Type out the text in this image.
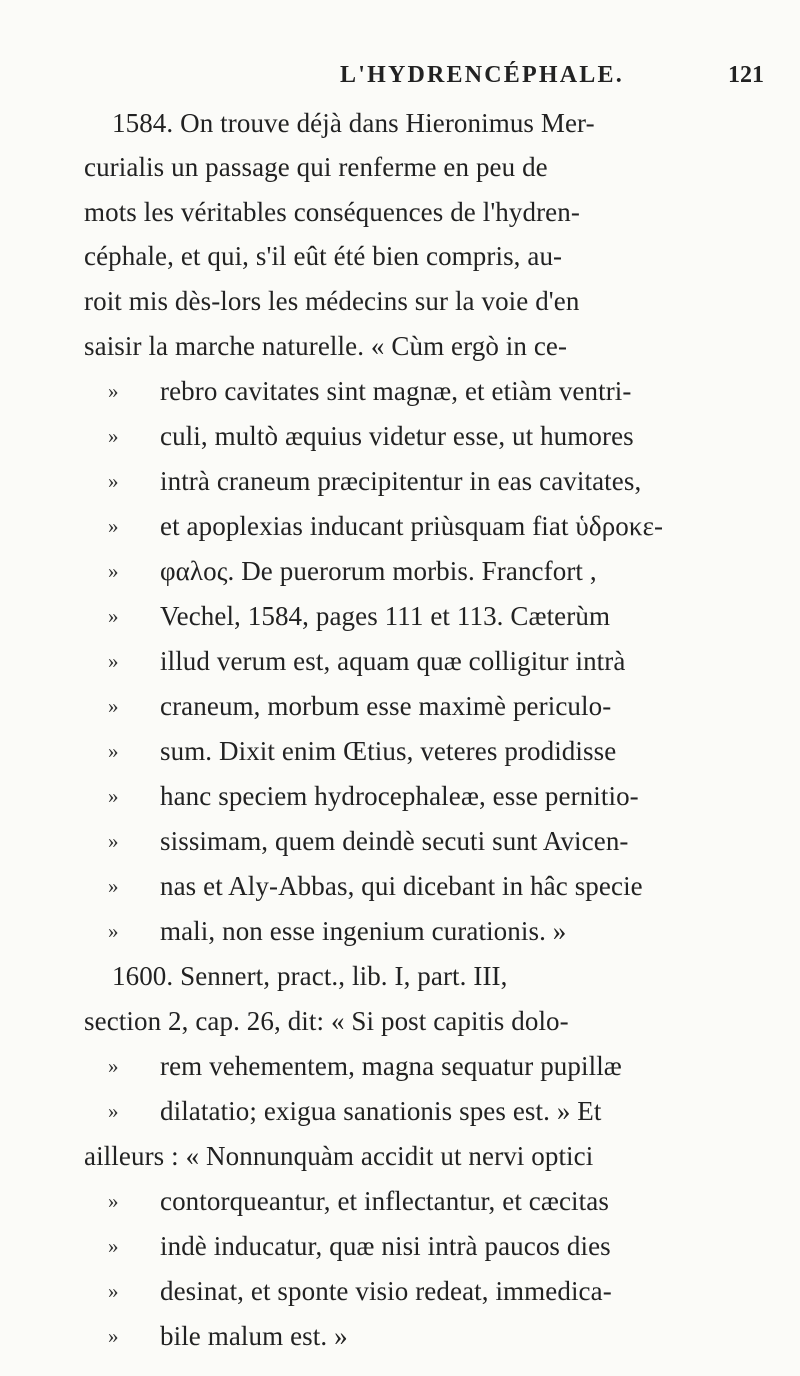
L'HYDRENCÉPHALE.	121
1584. On trouve déjà dans Hieronimus Mer-
curialis un passage qui renferme en peu de
mots les véritables conséquences de l'hydren-
céphale, et qui, s'il eût été bien compris, au-
roit mis dès-lors les médecins sur la voie d'en
saisir la marche naturelle. « Cùm ergò in ce-
» rebro cavitates sint magnæ, et etiàm ventri-
» culi, multò æquius videtur esse, ut humores
» intrà craneum præcipitentur in eas cavitates,
» et apoplexias inducant priùsquam fiat ὑδροκε-
» φαλος. De puerorum morbis. Francfort ,
» Vechel, 1584, pages 111 et 113. Cæterùm
» illud verum est, aquam quæ colligitur intrà
» craneum, morbum esse maximè periculo-
» sum. Dixit enim Œtius, veteres prodidisse
» hanc speciem hydrocephaleæ, esse pernitio-
» sissimam, quem deindè secuti sunt Avicen-
» nas et Aly-Abbas, qui dicebant in hâc specie
» mali, non esse ingenium curationis. »
1600. Sennert, pract., lib. I, part. III,
section 2, cap. 26, dit: « Si post capitis dolo-
» rem vehementem, magna sequatur pupillæ
» dilatatio; exigua sanationis spes est. » Et
ailleurs : « Nonnunquàm accidit ut nervi optici
» contorqueantur, et inflectantur, et cæcitas
» indè inducatur, quæ nisi intrà paucos dies
» desinat, et sponte visio redeat, immedica-
» bile malum est. »
